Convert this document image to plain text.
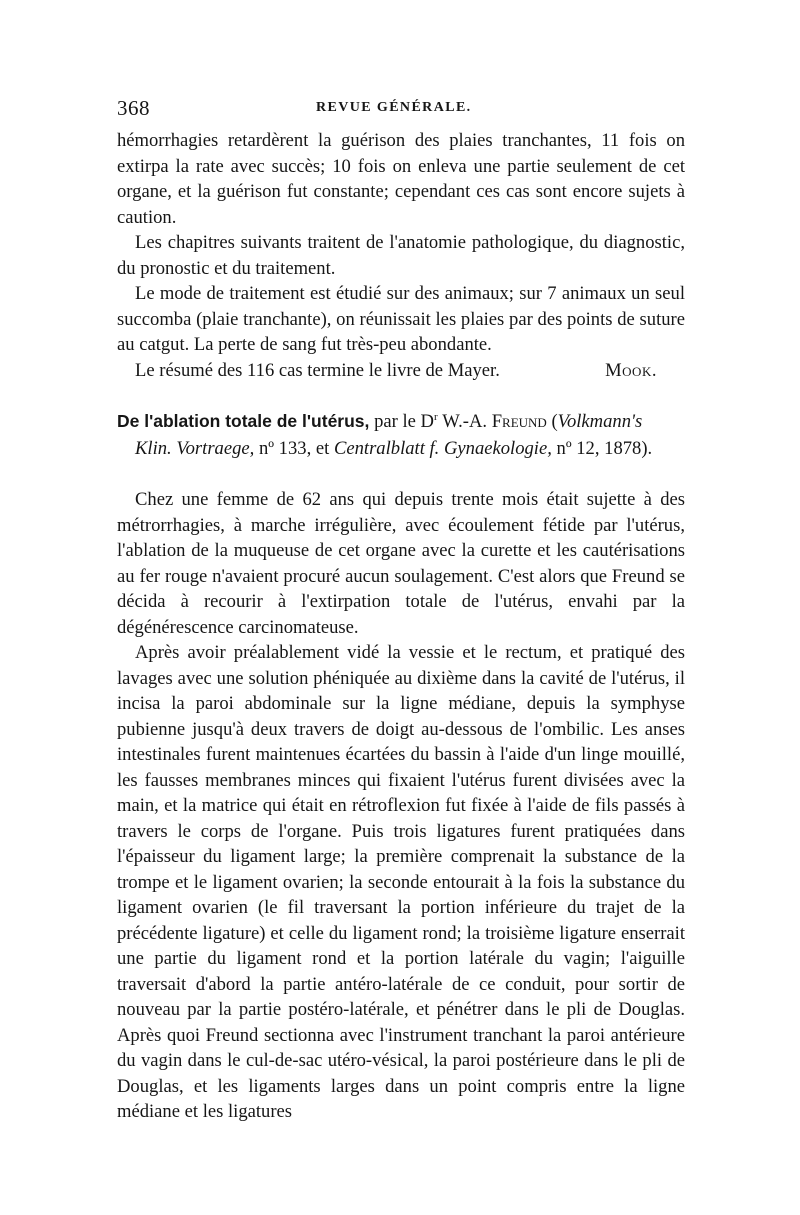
368	REVUE GÉNÉRALE.

hémorrhagies retardèrent la guérison des plaies tranchantes, 11 fois on extirpa la rate avec succès; 10 fois on enleva une partie seulement de cet organe, et la guérison fut constante; cependant ces cas sont encore sujets à caution.

Les chapitres suivants traitent de l'anatomie pathologique, du diagnostic, du pronostic et du traitement.

Le mode de traitement est étudié sur des animaux; sur 7 animaux un seul succomba (plaie tranchante), on réunissait les plaies par des points de suture au catgut. La perte de sang fut très-peu abondante.

Le résumé des 116 cas termine le livre de Mayer.	Mook.
De l'ablation totale de l'utérus, par le $D^r$ W.-A. Freund (Volkmann's
Klin. Vortraege, nº 133, et Centralblatt f. Gynaekologie, nº 12, 1878).

Chez une femme de 62 ans qui depuis trente mois était sujette à des métrorrhagies, à marche irrégulière, avec écoulement fétide par l'utérus, l'ablation de la muqueuse de cet organe avec la curette et les cautérisations au fer rouge n'avaient procuré aucun soulagement. C'est alors que Freund se décida à recourir à l'extirpation totale de l'utérus, envahi par la dégénérescence carcinomateuse.

Après avoir préalablement vidé la vessie et le rectum, et pratiqué des lavages avec une solution phéniquée au dixième dans la cavité de l'utérus, il incisa la paroi abdominale sur la ligne médiane, depuis la symphyse pubienne jusqu'à deux travers de doigt au-dessous de l'ombilic. Les anses intestinales furent maintenues écartées du bassin à l'aide d'un linge mouillé, les fausses membranes minces qui fixaient l'utérus furent divisées avec la main, et la matrice qui était en rétroflexion fut fixée à l'aide de fils passés à travers le corps de l'organe. Puis trois ligatures furent pratiquées dans l'épaisseur du ligament large; la première comprenait la substance de la trompe et le ligament ovarien; la seconde entourait à la fois la substance du ligament ovarien (le fil traversant la portion inférieure du trajet de la précédente ligature) et celle du ligament rond; la troisième ligature enserrait une partie du ligament rond et la portion latérale du vagin; l'aiguille traversait d'abord la partie antéro-latérale de ce conduit, pour sortir de nouveau par la partie postéro-latérale, et pénétrer dans le pli de Douglas. Après quoi Freund sectionna avec l'instrument tranchant la paroi antérieure du vagin dans le cul-de-sac utéro-vésical, la paroi postérieure dans le pli de Douglas, et les ligaments larges dans un point compris entre la ligne médiane et les ligatures
